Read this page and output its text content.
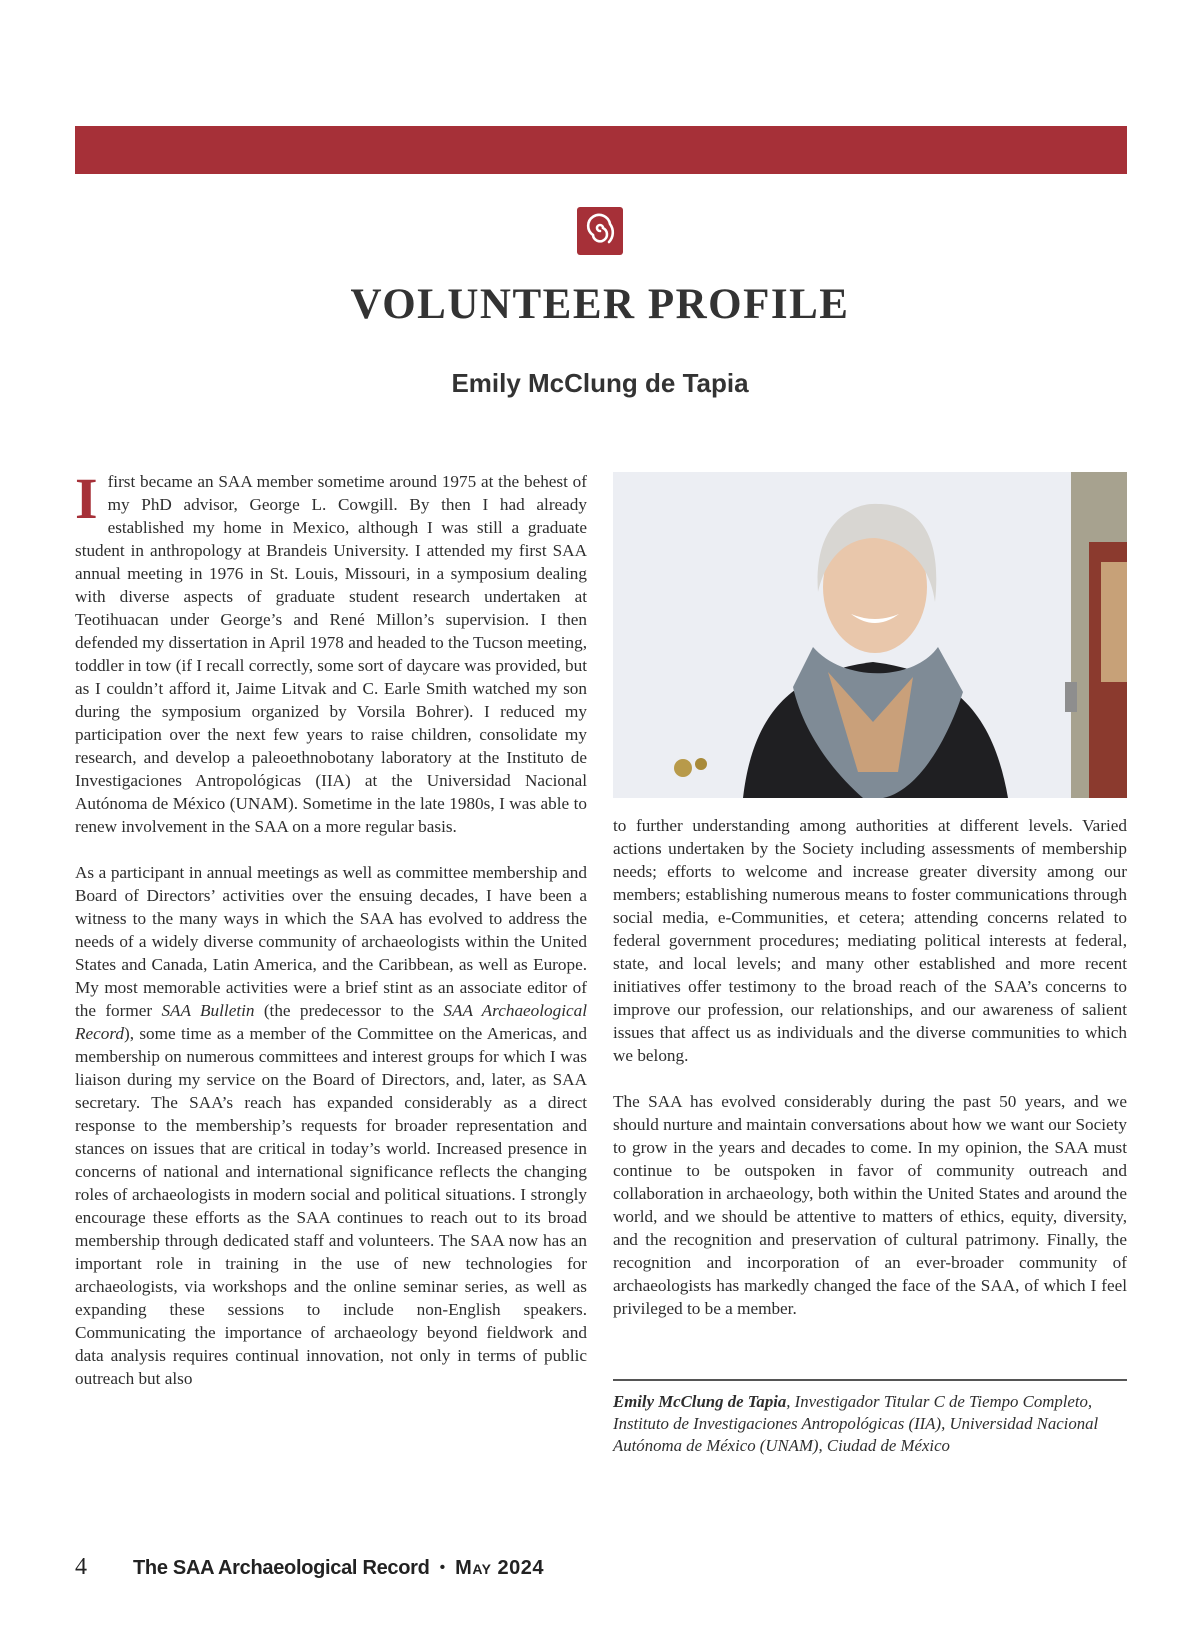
VOLUNTEER PROFILE
Emily McClung de Tapia

I first became an SAA member sometime around 1975 at the behest of my PhD advisor, George L. Cowgill. By then I had already established my home in Mexico, although I was still a graduate student in anthropology at Brandeis University. I attended my first SAA annual meeting in 1976 in St. Louis, Missouri, in a symposium dealing with diverse aspects of graduate student research undertaken at Teotihuacan under George’s and René Millon’s supervision. I then defended my dissertation in April 1978 and headed to the Tucson meeting, toddler in tow (if I recall correctly, some sort of daycare was provided, but as I couldn’t afford it, Jaime Litvak and C. Earle Smith watched my son during the symposium organized by Vorsila Bohrer). I reduced my participation over the next few years to raise children, consolidate my research, and develop a paleoethnobotany laboratory at the Instituto de Investigaciones Antropológicas (IIA) at the Universidad Nacional Autónoma de México (UNAM). Sometime in the late 1980s, I was able to renew involvement in the SAA on a more regular basis.

As a participant in annual meetings as well as committee membership and Board of Directors’ activities over the ensuing decades, I have been a witness to the many ways in which the SAA has evolved to address the needs of a widely diverse community of archaeologists within the United States and Canada, Latin America, and the Caribbean, as well as Europe. My most memorable activities were a brief stint as an associate editor of the former SAA Bulletin (the predecessor to the SAA Archaeological Record), some time as a member of the Committee on the Americas, and membership on numerous committees and interest groups for which I was liaison during my service on the Board of Directors, and, later, as SAA secretary. The SAA’s reach has expanded considerably as a direct response to the membership’s requests for broader representation and stances on issues that are critical in today’s world. Increased presence in concerns of national and international significance reflects the changing roles of archaeologists in modern social and political situations. I strongly encourage these efforts as the SAA continues to reach out to its broad membership through dedicated staff and volunteers. The SAA now has an important role in training in the use of new technologies for archaeologists, via workshops and the online seminar series, as well as expanding these sessions to include non-English speakers. Communicating the importance of archaeology beyond fieldwork and data analysis requires continual innovation, not only in terms of public outreach but also

to further understanding among authorities at different levels. Varied actions undertaken by the Society including assessments of membership needs; efforts to welcome and increase greater diversity among our members; establishing numerous means to foster communications through social media, e-Communities, et cetera; attending concerns related to federal government procedures; mediating political interests at federal, state, and local levels; and many other established and more recent initiatives offer testimony to the broad reach of the SAA’s concerns to improve our profession, our relationships, and our awareness of salient issues that affect us as individuals and the diverse communities to which we belong.

The SAA has evolved considerably during the past 50 years, and we should nurture and maintain conversations about how we want our Society to grow in the years and decades to come. In my opinion, the SAA must continue to be outspoken in favor of community outreach and collaboration in archaeology, both within the United States and around the world, and we should be attentive to matters of ethics, equity, diversity, and the recognition and preservation of cultural patrimony. Finally, the recognition and incorporation of an ever-broader community of archaeologists has markedly changed the face of the SAA, of which I feel privileged to be a member.

Emily McClung de Tapia, Investigador Titular C de Tiempo Completo, Instituto de Investigaciones Antropológicas (IIA), Universidad Nacional Autónoma de México (UNAM), Ciudad de México
4	The SAA Archaeological Record • May 2024
